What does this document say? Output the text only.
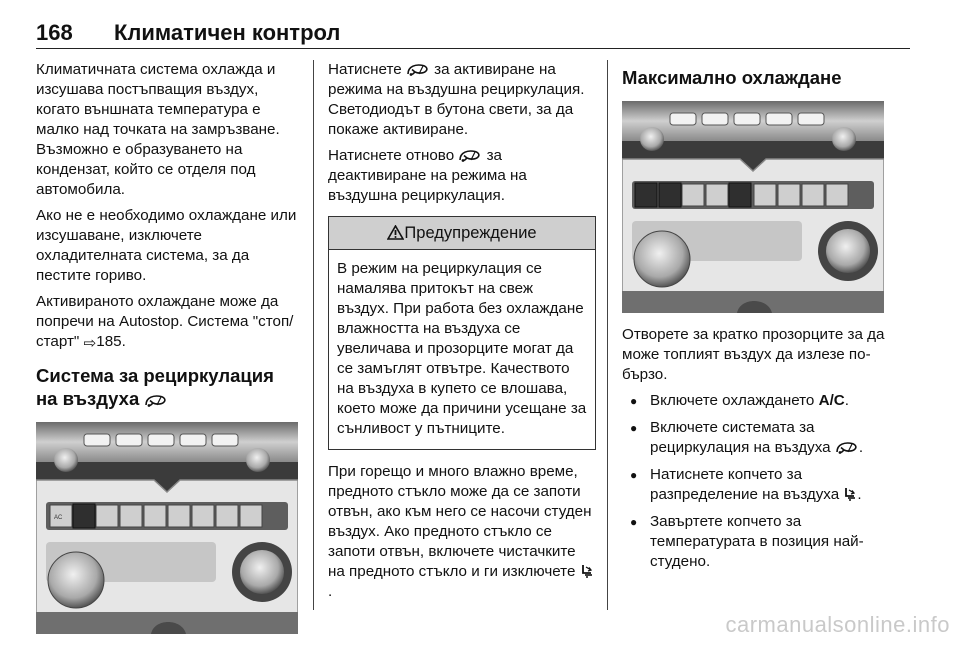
168 Климатичен контрол

Климатичната система охлажда и изсушава постъпващия въздух, когато външната температура е малко над точката на замръзване. Възможно е образуването на кондензат, който се отделя под автомобила.

Ако не е необходимо охлаждане или изсушаване, изключете охладителната система, за да пестите гориво.

Активираното охлаждане може да попречи на Autostop. Система "стоп/старт" ⇨185.

Система за рециркулация на въздуха
AC

Натиснете  за активиране на режима на въздушна рециркулация. Светодиодът в бутона свети, за да покаже активиране.

Натиснете отново  за деактивиране на режима на въздушна рециркулация.

Предупреждение
В режим на рециркулация се намалява притокът на свеж въздух. При работа без охлаждане влажността на въздуха се увеличава и прозорците могат да се замъглят отвътре. Качеството на въздуха в купето се влошава, което може да причини усещане за сънливост у пътниците.

При горещо и много влажно време, предното стъкло може да се запоти отвън, ако към него се насочи студен въздух. Ако предното стъкло се запоти отвън, включете чистачките на предното стъкло и ги изключете .

Максимално охлаждане

Отворете за кратко прозорците за да може топлият въздух да излезе по-бързо.

● Включете охлаждането A/C.
● Включете системата за рециркулация на въздуха .
● Натиснете копчето за разпределение на въздуха .
● Завъртете копчето за температурата в позиция най-студено.
carmanualsonline.info
